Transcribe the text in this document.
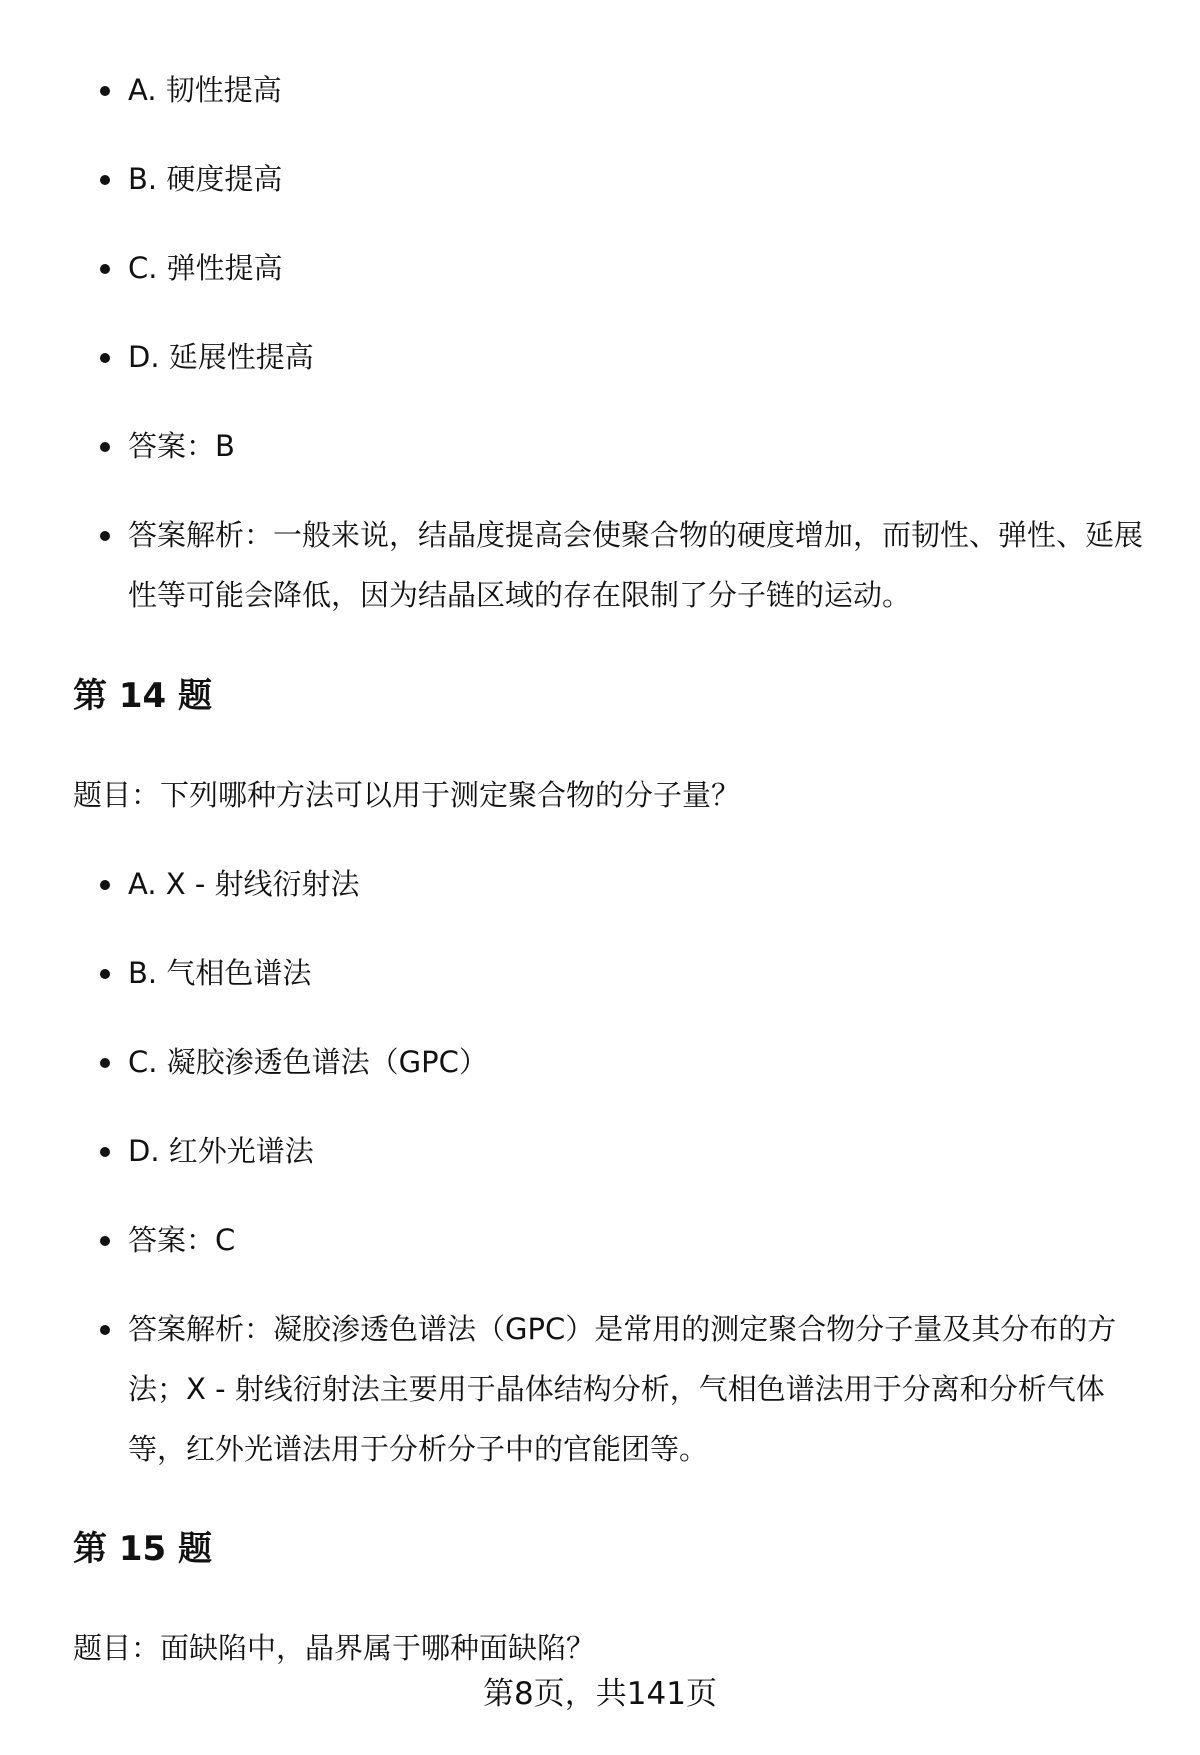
A. 韧性提高
B. 硬度提高
C. 弹性提高
D. 延展性提高
答案：B
答案解析：一般来说，结晶度提高会使聚合物的硬度增加，而韧性、弹性、延展性等可能会降低，因为结晶区域的存在限制了分子链的运动。
第 14 题
题目：下列哪种方法可以用于测定聚合物的分子量？
A. X - 射线衍射法
B. 气相色谱法
C. 凝胶渗透色谱法（GPC）
D. 红外光谱法
答案：C
答案解析：凝胶渗透色谱法（GPC）是常用的测定聚合物分子量及其分布的方法；X - 射线衍射法主要用于晶体结构分析，气相色谱法用于分离和分析气体等，红外光谱法用于分析分子中的官能团等。
第 15 题
题目：面缺陷中，晶界属于哪种面缺陷？
第8页，共141页
